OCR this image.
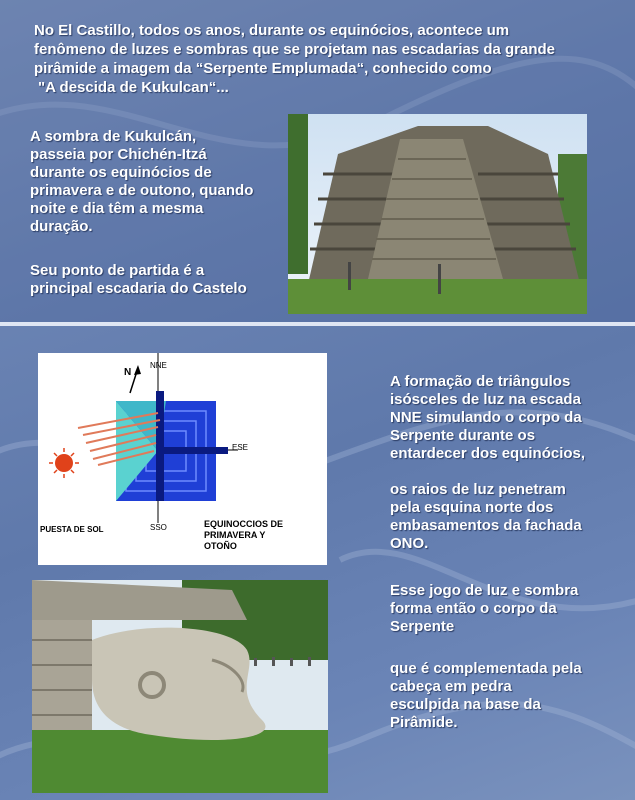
No El Castillo, todos os anos, durante os equinócios, acontece um
fenômeno de luzes e sombras que se projetam nas escadarias da grande
pirâmide a imagem da “Serpente Emplumada“, conhecido como
"A descida de Kukulcan“...
A sombra de Kukulcán,
passeia por Chichén-Itzá
durante os equinócios de
primavera e de outono, quando
noite e dia têm a mesma
duração.
Seu ponto de partida é a
principal escadaria do Castelo
N
NNE
ESE
SSO
PUESTA DE SOL
EQUINOCCIOS DE
PRIMAVERA Y
OTOÑO
A formação de triângulos
isósceles de luz na escada
NNE simulando o corpo da
Serpente durante os
entardecer dos equinócios,
os raios de luz penetram
pela esquina norte dos
embasamentos da fachada
ONO.
Esse jogo de luz e sombra
forma então o corpo da
Serpente
que é complementada pela
cabeça em pedra
esculpida na base da
Pirâmide.
